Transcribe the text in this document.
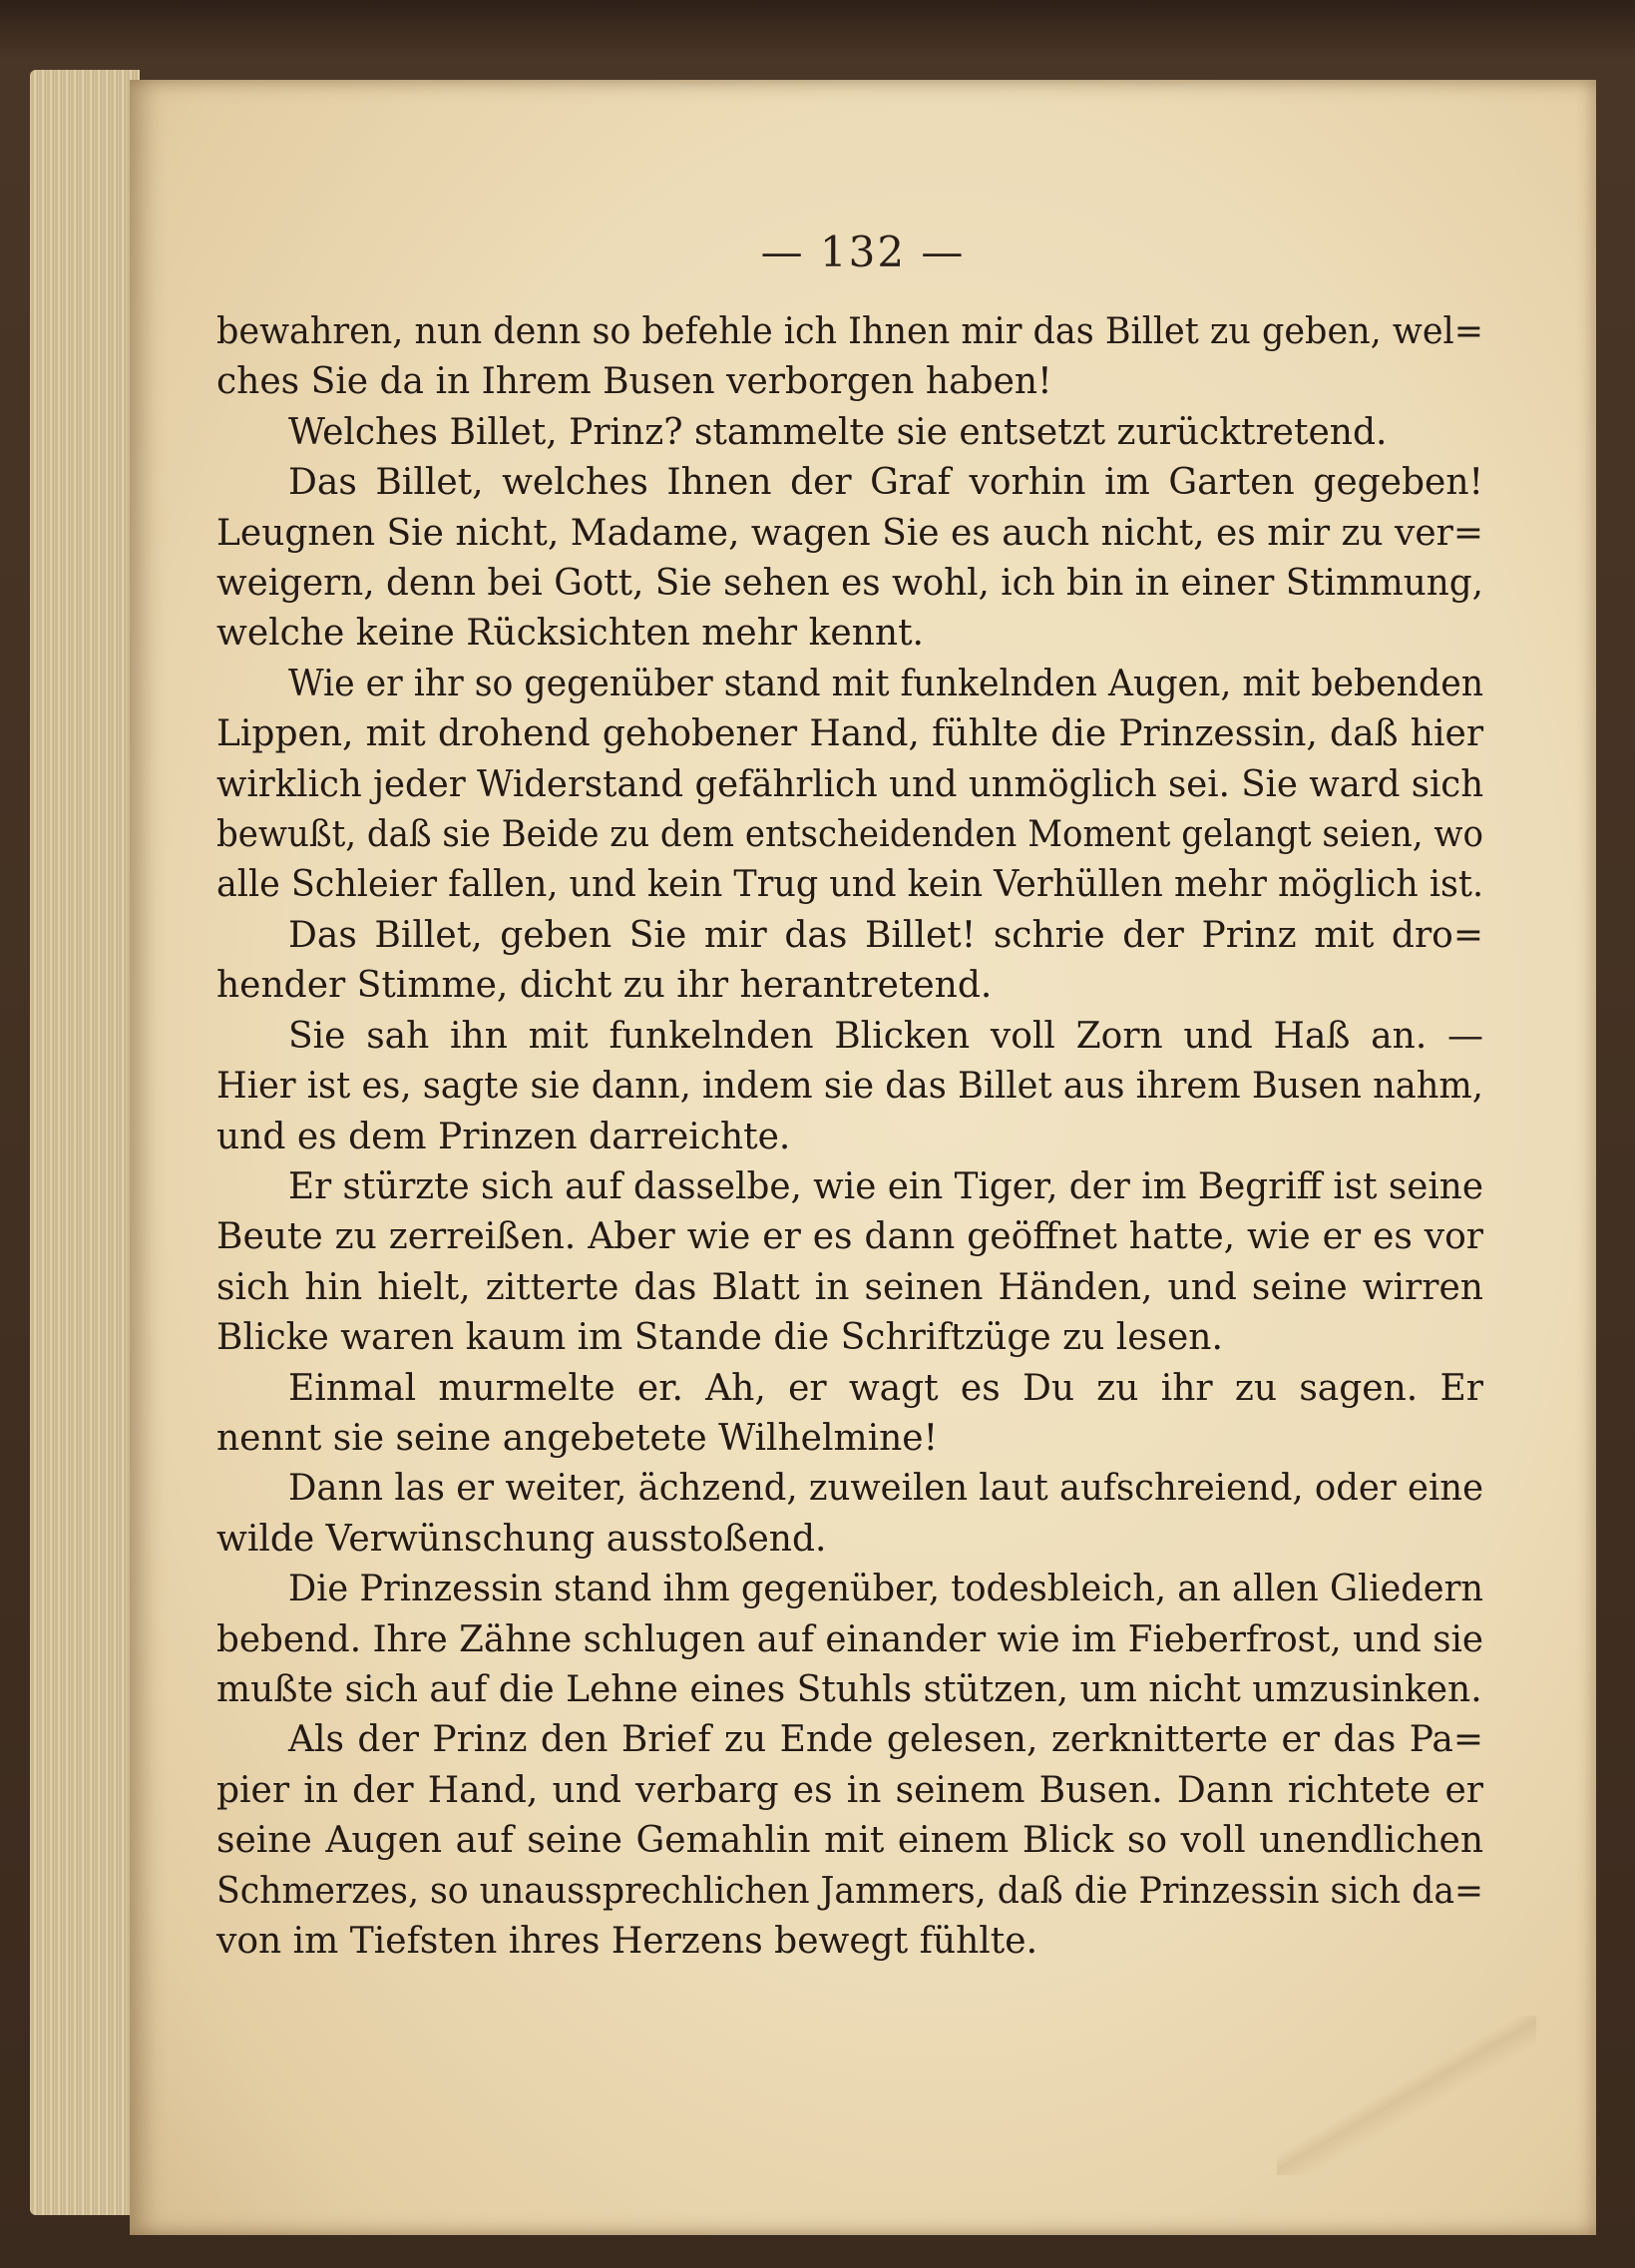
— 132 —
bewahren, nun denn so befehle ich Ihnen mir das Billet zu geben, wel=
ches Sie da in Ihrem Busen verborgen haben!
Welches Billet, Prinz? stammelte sie entsetzt zurücktretend.
Das Billet, welches Ihnen der Graf vorhin im Garten gegeben!
Leugnen Sie nicht, Madame, wagen Sie es auch nicht, es mir zu ver=
weigern, denn bei Gott, Sie sehen es wohl, ich bin in einer Stimmung,
welche keine Rücksichten mehr kennt.
Wie er ihr so gegenüber stand mit funkelnden Augen, mit bebenden
Lippen, mit drohend gehobener Hand, fühlte die Prinzessin, daß hier
wirklich jeder Widerstand gefährlich und unmöglich sei. Sie ward sich
bewußt, daß sie Beide zu dem entscheidenden Moment gelangt seien, wo
alle Schleier fallen, und kein Trug und kein Verhüllen mehr möglich ist.
Das Billet, geben Sie mir das Billet! schrie der Prinz mit dro=
hender Stimme, dicht zu ihr herantretend.
Sie sah ihn mit funkelnden Blicken voll Zorn und Haß an. —
Hier ist es, sagte sie dann, indem sie das Billet aus ihrem Busen nahm,
und es dem Prinzen darreichte.
Er stürzte sich auf dasselbe, wie ein Tiger, der im Begriff ist seine
Beute zu zerreißen. Aber wie er es dann geöffnet hatte, wie er es vor
sich hin hielt, zitterte das Blatt in seinen Händen, und seine wirren
Blicke waren kaum im Stande die Schriftzüge zu lesen.
Einmal murmelte er. Ah, er wagt es Du zu ihr zu sagen. Er
nennt sie seine angebetete Wilhelmine!
Dann las er weiter, ächzend, zuweilen laut aufschreiend, oder eine
wilde Verwünschung ausstoßend.
Die Prinzessin stand ihm gegenüber, todesbleich, an allen Gliedern
bebend. Ihre Zähne schlugen auf einander wie im Fieberfrost, und sie
mußte sich auf die Lehne eines Stuhls stützen, um nicht umzusinken.
Als der Prinz den Brief zu Ende gelesen, zerknitterte er das Pa=
pier in der Hand, und verbarg es in seinem Busen. Dann richtete er
seine Augen auf seine Gemahlin mit einem Blick so voll unendlichen
Schmerzes, so unaussprechlichen Jammers, daß die Prinzessin sich da=
von im Tiefsten ihres Herzens bewegt fühlte.
